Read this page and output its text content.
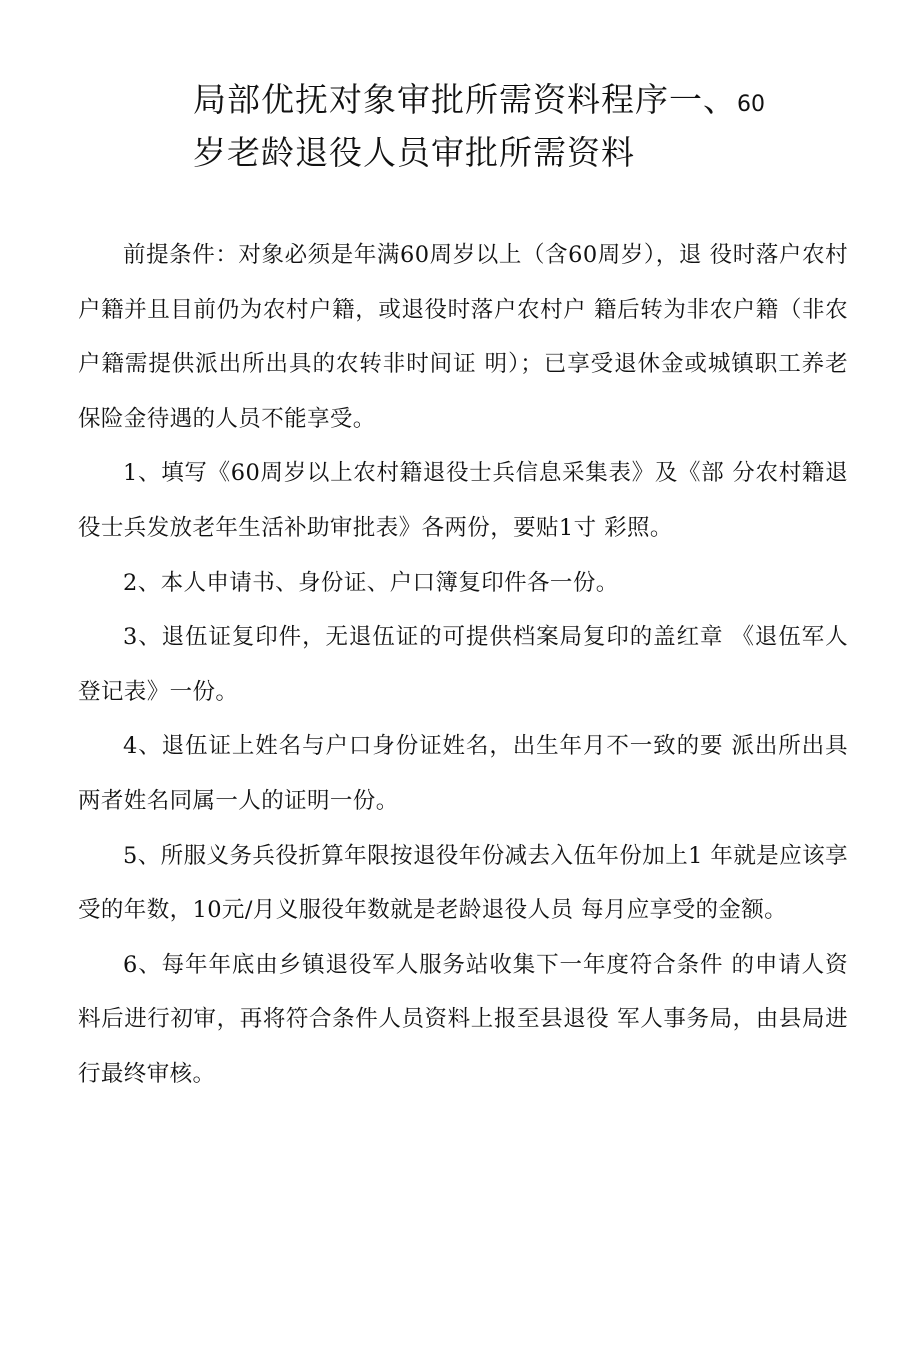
局部优抚对象审批所需资料程序一、60
岁老龄退役人员审批所需资料

前提条件：对象必须是年满60周岁以上（含60周岁），退 役时落户农村户籍并且目前仍为农村户籍，或退役时落户农村户 籍后转为非农户籍（非农户籍需提供派出所出具的农转非时间证 明）；已享受退休金或城镇职工养老保险金待遇的人员不能享受。

1、填写《60周岁以上农村籍退役士兵信息采集表》及《部 分农村籍退役士兵发放老年生活补助审批表》各两份，要贴1寸 彩照。

2、本人申请书、身份证、户口簿复印件各一份。

3、退伍证复印件，无退伍证的可提供档案局复印的盖红章 《退伍军人登记表》一份。

4、退伍证上姓名与户口身份证姓名，出生年月不一致的要 派出所出具两者姓名同属一人的证明一份。

5、所服义务兵役折算年限按退役年份减去入伍年份加上1 年就是应该享受的年数，10元/月义服役年数就是老龄退役人员 每月应享受的金额。

6、每年年底由乡镇退役军人服务站收集下一年度符合条件 的申请人资料后进行初审，再将符合条件人员资料上报至县退役 军人事务局，由县局进行最终审核。
